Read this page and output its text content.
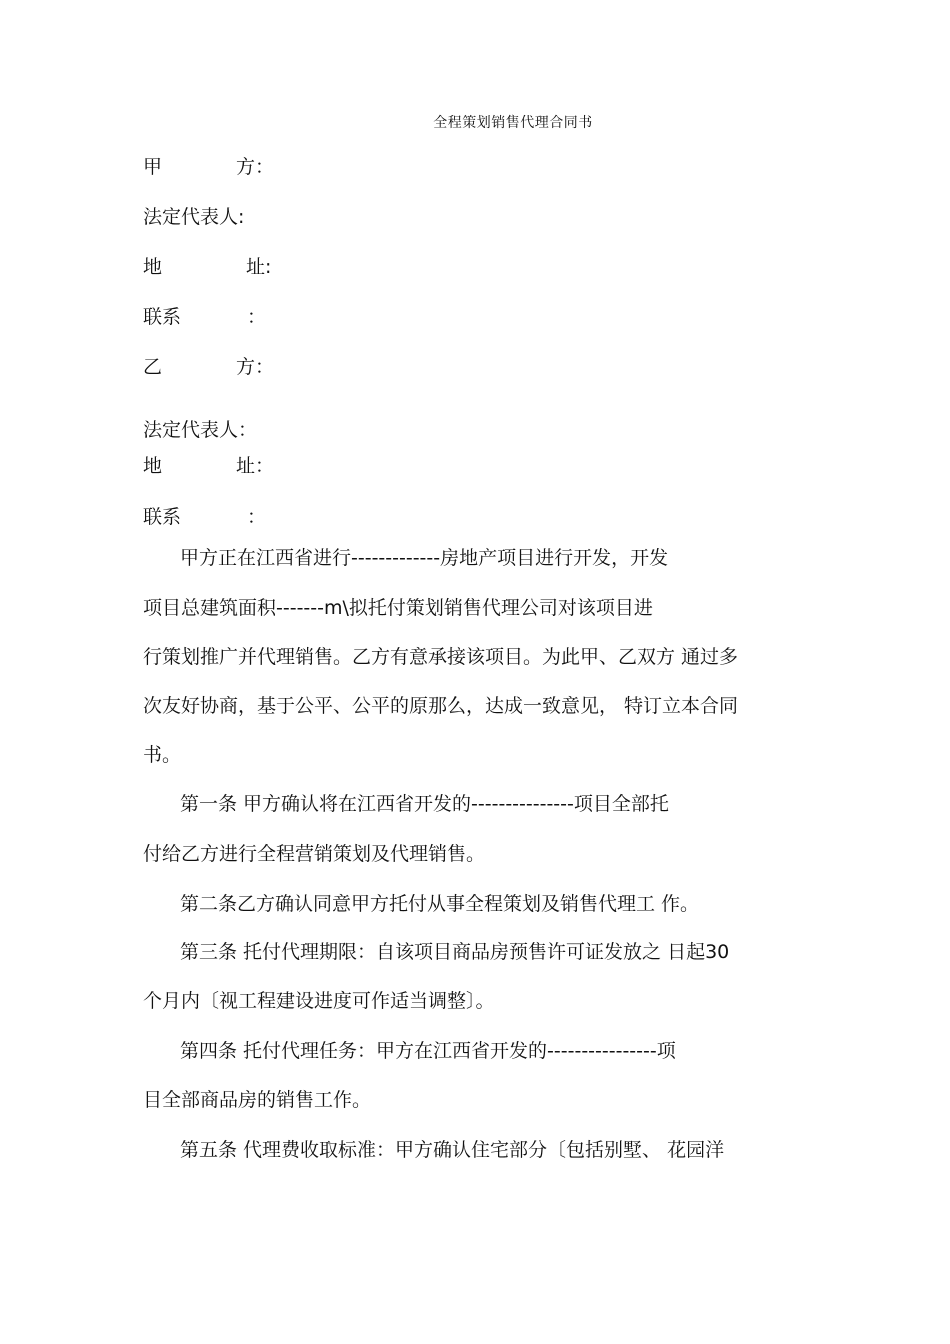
全程策划销售代理合同书
甲	方：
法定代表人:
地	址:
联系	：
乙	方：
法定代表人：
地	址：
联系	：
甲方正在江西省进行-------------房地产项目进行开发，开发
项目总建筑面积-------m\拟托付策划销售代理公司对该项目进
行策划推广并代理销售。乙方有意承接该项目。为此甲、乙双方 通过多
次友好协商，基于公平、公平的原那么，达成一致意见， 特订立本合同
书。
第一条 甲方确认将在江西省开发的---------------项目全部托
付给乙方进行全程营销策划及代理销售。
第二条乙方确认同意甲方托付从事全程策划及销售代理工 作。
第三条 托付代理期限：自该项目商品房预售许可证发放之 日起30
个月内〔视工程建设进度可作适当调整〕。
第四条 托付代理任务：甲方在江西省开发的----------------项
目全部商品房的销售工作。
第五条 代理费收取标准：甲方确认住宅部分〔包括别墅、 花园洋
